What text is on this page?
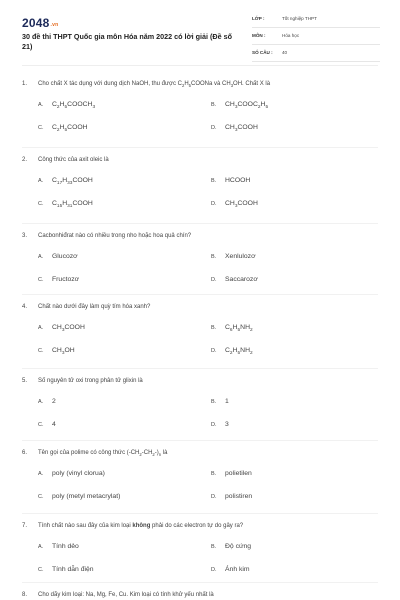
$2048^{.vn}$
30 đề thi THPT Quốc gia môn Hóa năm 2022 có lời giải (Đề số 21)
LỚP :	Tốt nghiệp THPT
MÔN :	Hóa học
SỐ CÂU : 40
1. Cho chất X tác dụng với dung dịch NaOH, thu được $C_2H_5COONa$ và $CH_3OH$. Chất X là
A. $C_2H_5COOCH_3$	B. $CH_3COOC_2H_5$
C. $C_2H_5COOH$	D. $CH_3COOH$
2. Công thức của axit oleic là
A. $C_{17}H_{33}COOH$	B. HCOOH
C. $C_{15}H_{31}COOH$	D. $CH_3COOH$
3. Cacbonhiđrat nào có nhiều trong nho hoặc hoa quả chín?
A. Glucozơ	B. Xenlulozơ
C. Fructozơ	D. Saccarozơ
4. Chất nào dưới đây làm quỳ tím hóa xanh?
A. $CH_3COOH$	B. $C_6H_5NH_2$
C. $CH_3OH$	D. $C_2H_5NH_2$
5. Số nguyên tử oxi trong phân tử glixin là
A. 2	B. 1
C. 4	D. 3
6. Tên gọi của polime có công thức $(-CH_2-CH_2-)_n$ là
A. poly (vinyl clorua)	B. polietilen
C. poly (metyl metacrylat)	D. polistiren
7. Tính chất nào sau đây của kim loại không phải do các electron tự do gây ra?
A. Tính dẻo	B. Độ cứng
C. Tính dẫn điện	D. Ánh kim
8. Cho dãy kim loại: Na, Mg, Fe, Cu. Kim loại có tính khử yếu nhất là
